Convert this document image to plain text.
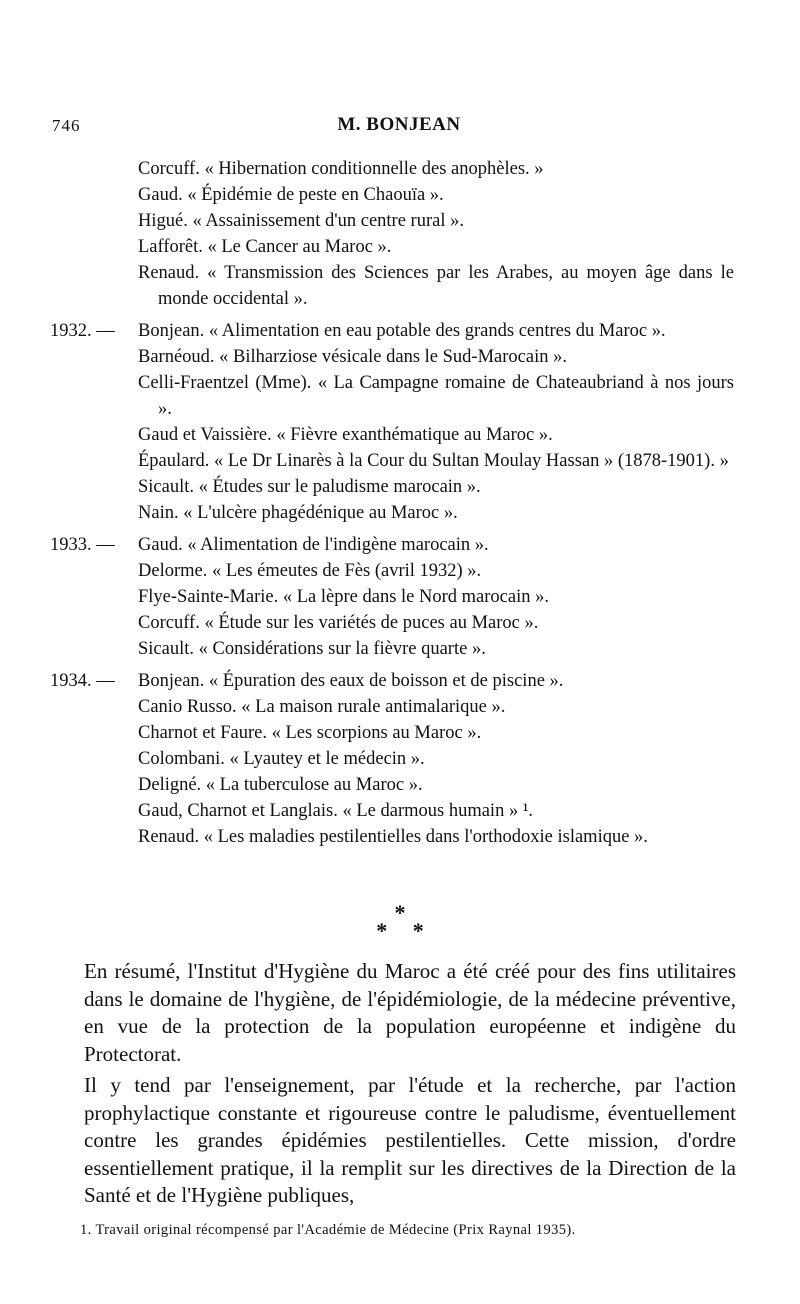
746	M. BONJEAN
Corcuff. « Hibernation conditionnelle des anophèles. »
Gaud. « Épidémie de peste en Chaouïa ».
Higué. « Assainissement d'un centre rural ».
Lafforêt. « Le Cancer au Maroc ».
Renaud. « Transmission des Sciences par les Arabes, au moyen âge dans le monde occidental ».
1932. —	Bonjean. « Alimentation en eau potable des grands centres du Maroc ».
Barnéoud. « Bilharziose vésicale dans le Sud-Marocain ».
Celli-Fraentzel (Mme). « La Campagne romaine de Chateaubriand à nos jours ».
Gaud et Vaissière. « Fièvre exanthématique au Maroc ».
Épaulard. « Le Dr Linarès à la Cour du Sultan Moulay Hassan » (1878-1901). »
Sicault. « Études sur le paludisme marocain ».
Nain. « L'ulcère phagédénique au Maroc ».
1933. —	Gaud. « Alimentation de l'indigène marocain ».
Delorme. « Les émeutes de Fès (avril 1932) ».
Flye-Sainte-Marie. « La lèpre dans le Nord marocain ».
Corcuff. « Étude sur les variétés de puces au Maroc ».
Sicault. « Considérations sur la fièvre quarte ».
1934. —	Bonjean. « Épuration des eaux de boisson et de piscine ».
Canio Russo. « La maison rurale antimalarique ».
Charnot et Faure. « Les scorpions au Maroc ».
Colombani. « Lyautey et le médecin ».
Deligné. « La tuberculose au Maroc ».
Gaud, Charnot et Langlais. « Le darmous humain » ¹.
Renaud. « Les maladies pestilentielles dans l'orthodoxie islamique ».
*
* *

En résumé, l'Institut d'Hygiène du Maroc a été créé pour des fins utilitaires dans le domaine de l'hygiène, de l'épidémiologie, de la médecine préventive, en vue de la protection de la population européenne et indigène du Protectorat.

Il y tend par l'enseignement, par l'étude et la recherche, par l'action prophylactique constante et rigoureuse contre le paludisme, éventuellement contre les grandes épidémies pestilentielles. Cette mission, d'ordre essentiellement pratique, il la remplit sur les directives de la Direction de la Santé et de l'Hygiène publiques,

1. Travail original récompensé par l'Académie de Médecine (Prix Raynal 1935).
